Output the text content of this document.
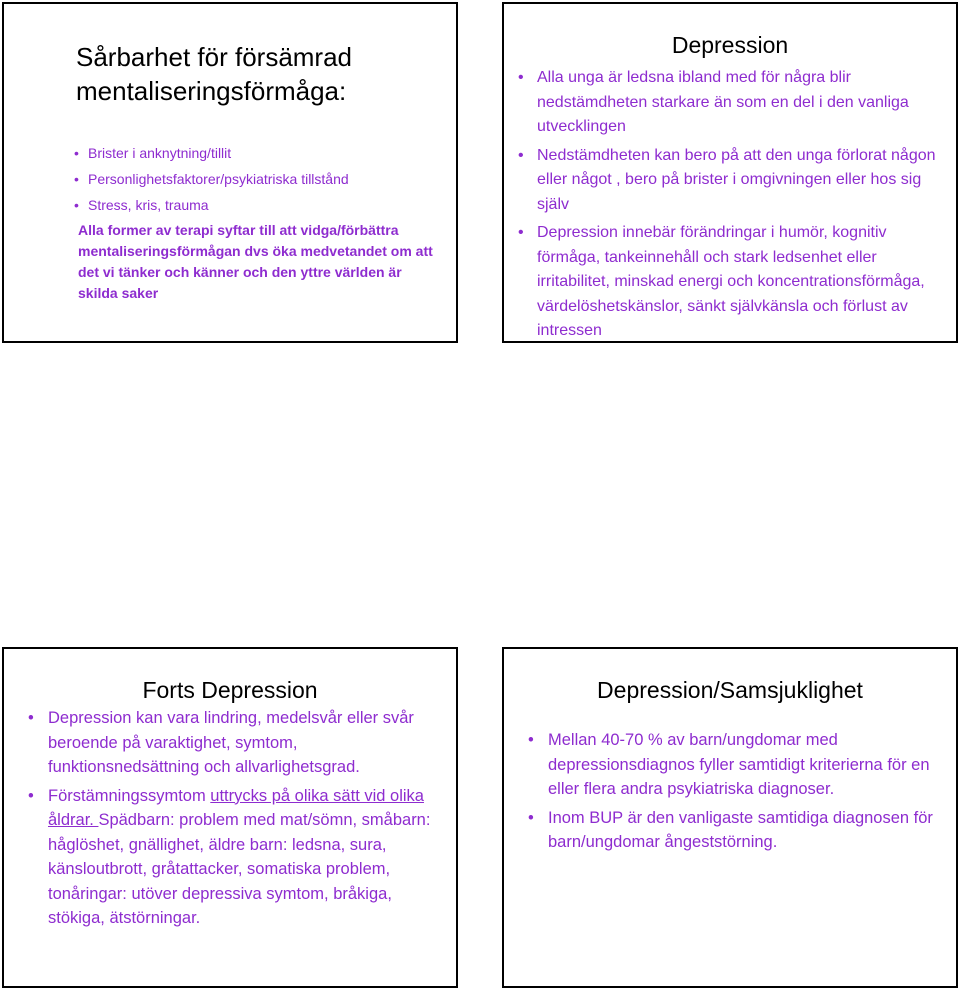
Sårbarhet för försämrad mentaliseringsförmåga:
• Brister i anknytning/tillit
• Personlighetsfaktorer/psykiatriska tillstånd
• Stress, kris, trauma

Alla former av terapi syftar till att vidga/förbättra mentaliseringsförmågan dvs öka medvetandet om att det vi tänker och känner och den yttre världen är skilda saker

Depression
• Alla unga är ledsna ibland med för några blir nedstämdheten starkare än som en del i den vanliga utvecklingen
• Nedstämdheten kan bero på att den unga förlorat någon eller något , bero på brister i omgivningen eller hos sig själv
• Depression innebär förändringar i humör, kognitiv förmåga, tankeinnehåll och stark ledsenhet eller irritabilitet, minskad energi och koncentrationsförmåga, värdelöshetskänslor, sänkt självkänsla och förlust av intressen
Forts Depression
• Depression kan vara lindring, medelsvår eller svår beroende på varaktighet, symtom, funktionsnedsättning och allvarlighetsgrad.
• Förstämningssymtom uttrycks på olika sätt vid olika åldrar. Spädbarn: problem med mat/sömn, småbarn: håglöshet, gnällighet, äldre barn: ledsna, sura, känsloutbrott, gråtattacker, somatiska problem, tonåringar: utöver depressiva symtom, bråkiga, stökiga, ätstörningar.
Depression/Samsjuklighet
• Mellan 40-70 % av barn/ungdomar med depressionsdiagnos fyller samtidigt kriterierna för en eller flera andra psykiatriska diagnoser.
• Inom BUP är den vanligaste samtidiga diagnosen för barn/ungdomar ångeststörning.
